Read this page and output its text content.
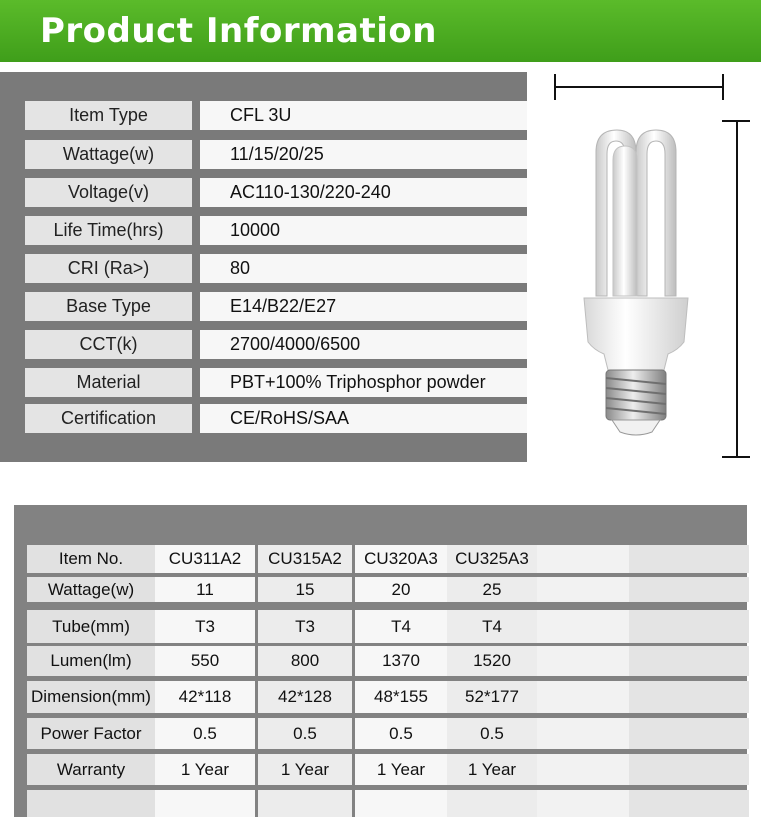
Product Information
Item Type	CFL 3U
Wattage(w)	11/15/20/25
Voltage(v)	AC110-130/220-240
Life Time(hrs)	10000
CRI (Ra>)	80
Base Type	E14/B22/E27
CCT(k)	2700/4000/6500
Material	PBT+100% Triphosphor powder
Certification	CE/RoHS/SAA
Item No.	CU311A2	CU315A2	CU320A3	CU325A3
Wattage(w)	11	15	20	25
Tube(mm)	T3	T3	T4	T4
Lumen(lm)	550	800	1370	1520
Dimension(mm)	42*118	42*128	48*155	52*177
Power Factor	0.5	0.5	0.5	0.5
Warranty	1 Year	1 Year	1 Year	1 Year
